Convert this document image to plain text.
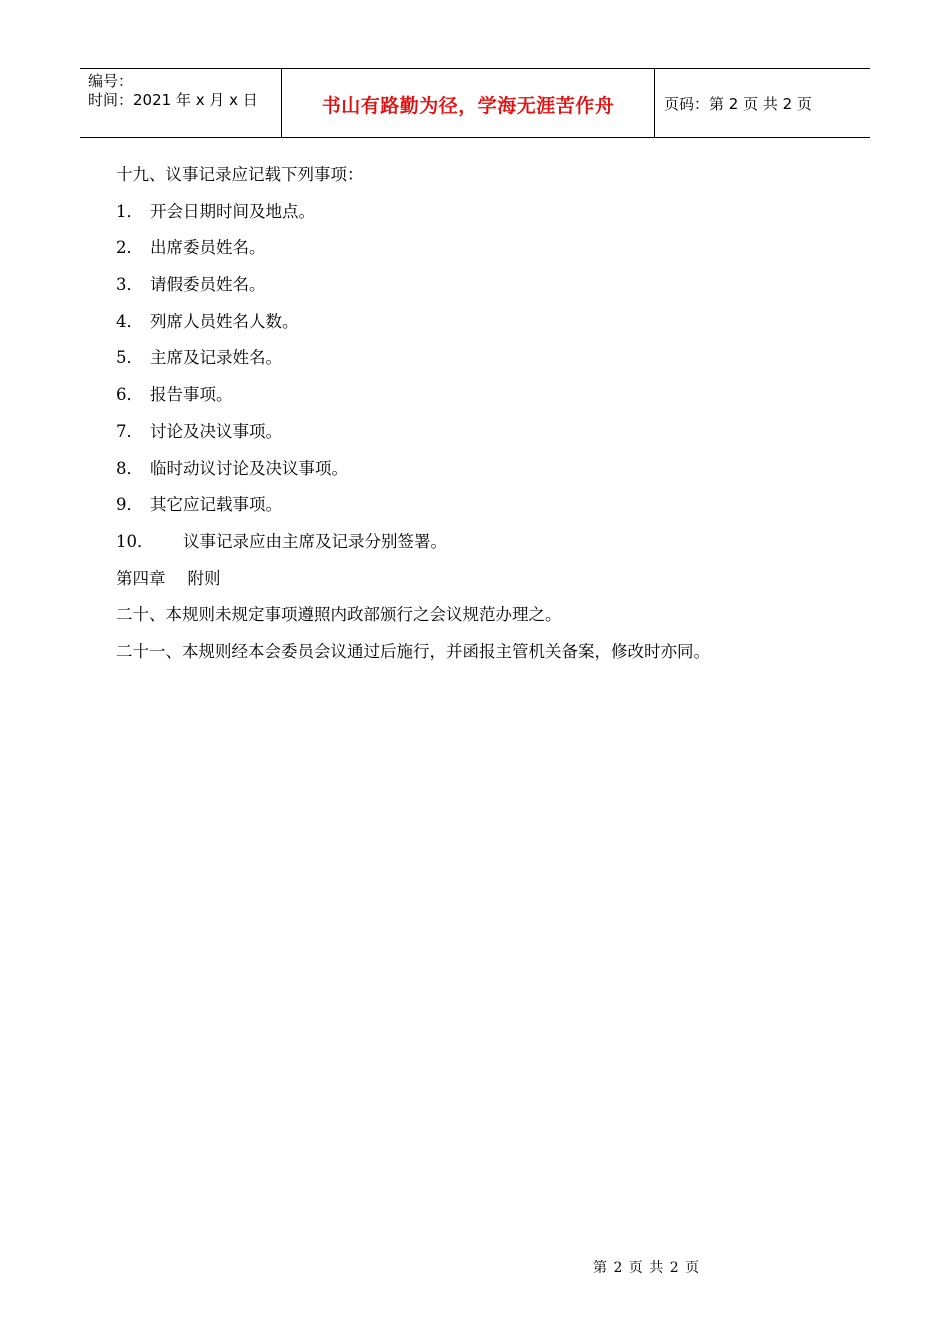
编号：
时间：2021 年 x 月 x 日	书山有路勤为径，学海无涯苦作舟	页码：第 2 页 共 2 页
十九、议事记录应记载下列事项：
1． 开会日期时间及地点。
2． 出席委员姓名。
3． 请假委员姓名。
4． 列席人员姓名人数。
5． 主席及记录姓名。
6． 报告事项。
7． 讨论及决议事项。
8． 临时动议讨论及决议事项。
9． 其它应记载事项。
10． 议事记录应由主席及记录分别签署。
第四章 附则
二十、本规则未规定事项遵照内政部颁行之会议规范办理之。
二十一、本规则经本会委员会议通过后施行，并函报主管机关备案，修改时亦同。
第 2 页 共 2 页
